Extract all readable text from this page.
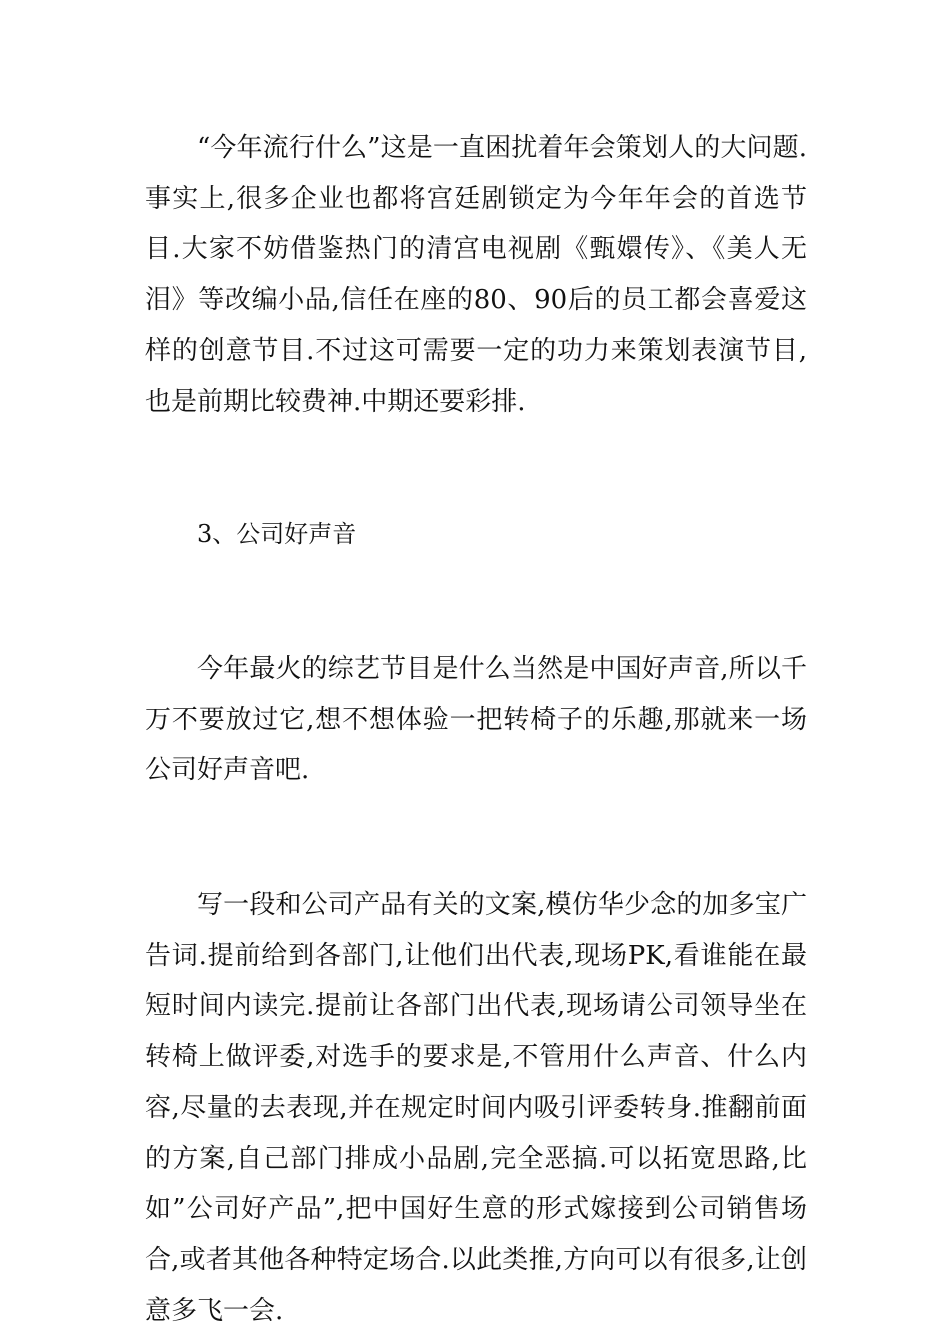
“今年流行什么”这是一直困扰着年会策划人的大问题.事实上,很多企业也都将宫廷剧锁定为今年年会的首选节目.大家不妨借鉴热门的清宫电视剧《甄嬛传》、《美人无泪》等改编小品,信任在座的80、90后的员工都会喜爱这样的创意节目.不过这可需要一定的功力来策划表演节目,也是前期比较费神.中期还要彩排.

3、公司好声音

今年最火的综艺节目是什么当然是中国好声音,所以千万不要放过它,想不想体验一把转椅子的乐趣,那就来一场公司好声音吧.

写一段和公司产品有关的文案,模仿华少念的加多宝广告词.提前给到各部门,让他们出代表,现场PK,看谁能在最短时间内读完.提前让各部门出代表,现场请公司领导坐在转椅上做评委,对选手的要求是,不管用什么声音、什么内容,尽量的去表现,并在规定时间内吸引评委转身.推翻前面的方案,自己部门排成小品剧,完全恶搞.可以拓宽思路,比如”公司好产品”,把中国好生意的形式嫁接到公司销售场合,或者其他各种特定场合.以此类推,方向可以有很多,让创意多飞一会.
